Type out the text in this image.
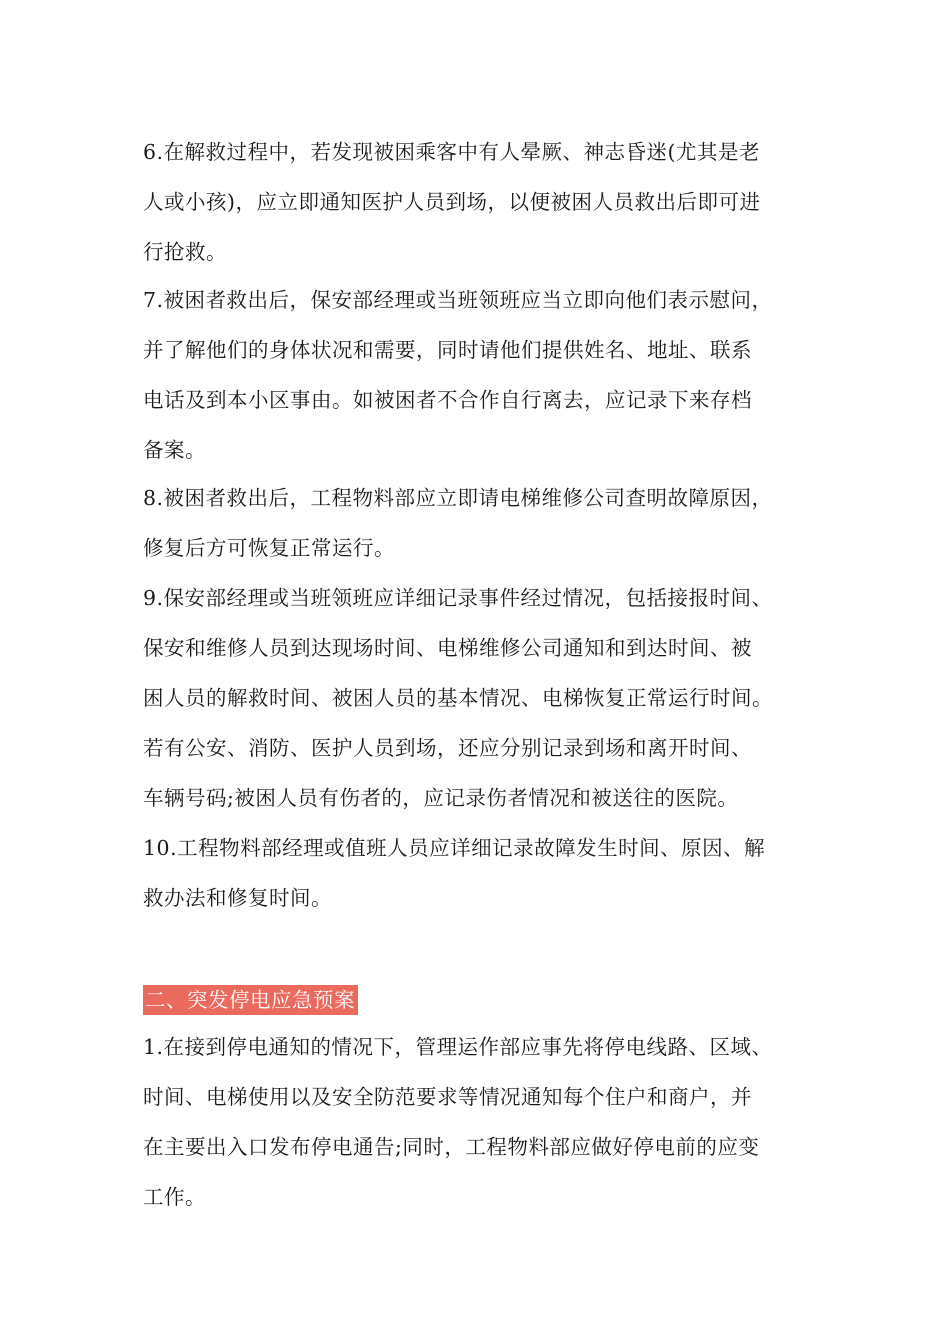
6.在解救过程中，若发现被困乘客中有人晕厥、神志昏迷(尤其是老
人或小孩)，应立即通知医护人员到场，以便被困人员救出后即可进
行抢救。

7.被困者救出后，保安部经理或当班领班应当立即向他们表示慰问，
并了解他们的身体状况和需要，同时请他们提供姓名、地址、联系
电话及到本小区事由。如被困者不合作自行离去，应记录下来存档
备案。

8.被困者救出后，工程物料部应立即请电梯维修公司查明故障原因，
修复后方可恢复正常运行。

9.保安部经理或当班领班应详细记录事件经过情况，包括接报时间、
保安和维修人员到达现场时间、电梯维修公司通知和到达时间、被
困人员的解救时间、被困人员的基本情况、电梯恢复正常运行时间。
若有公安、消防、医护人员到场，还应分别记录到场和离开时间、
车辆号码;被困人员有伤者的，应记录伤者情况和被送往的医院。

10.工程物料部经理或值班人员应详细记录故障发生时间、原因、解
救办法和修复时间。

二、突发停电应急预案

1.在接到停电通知的情况下，管理运作部应事先将停电线路、区域、
时间、电梯使用以及安全防范要求等情况通知每个住户和商户，并
在主要出入口发布停电通告;同时，工程物料部应做好停电前的应变
工作。
